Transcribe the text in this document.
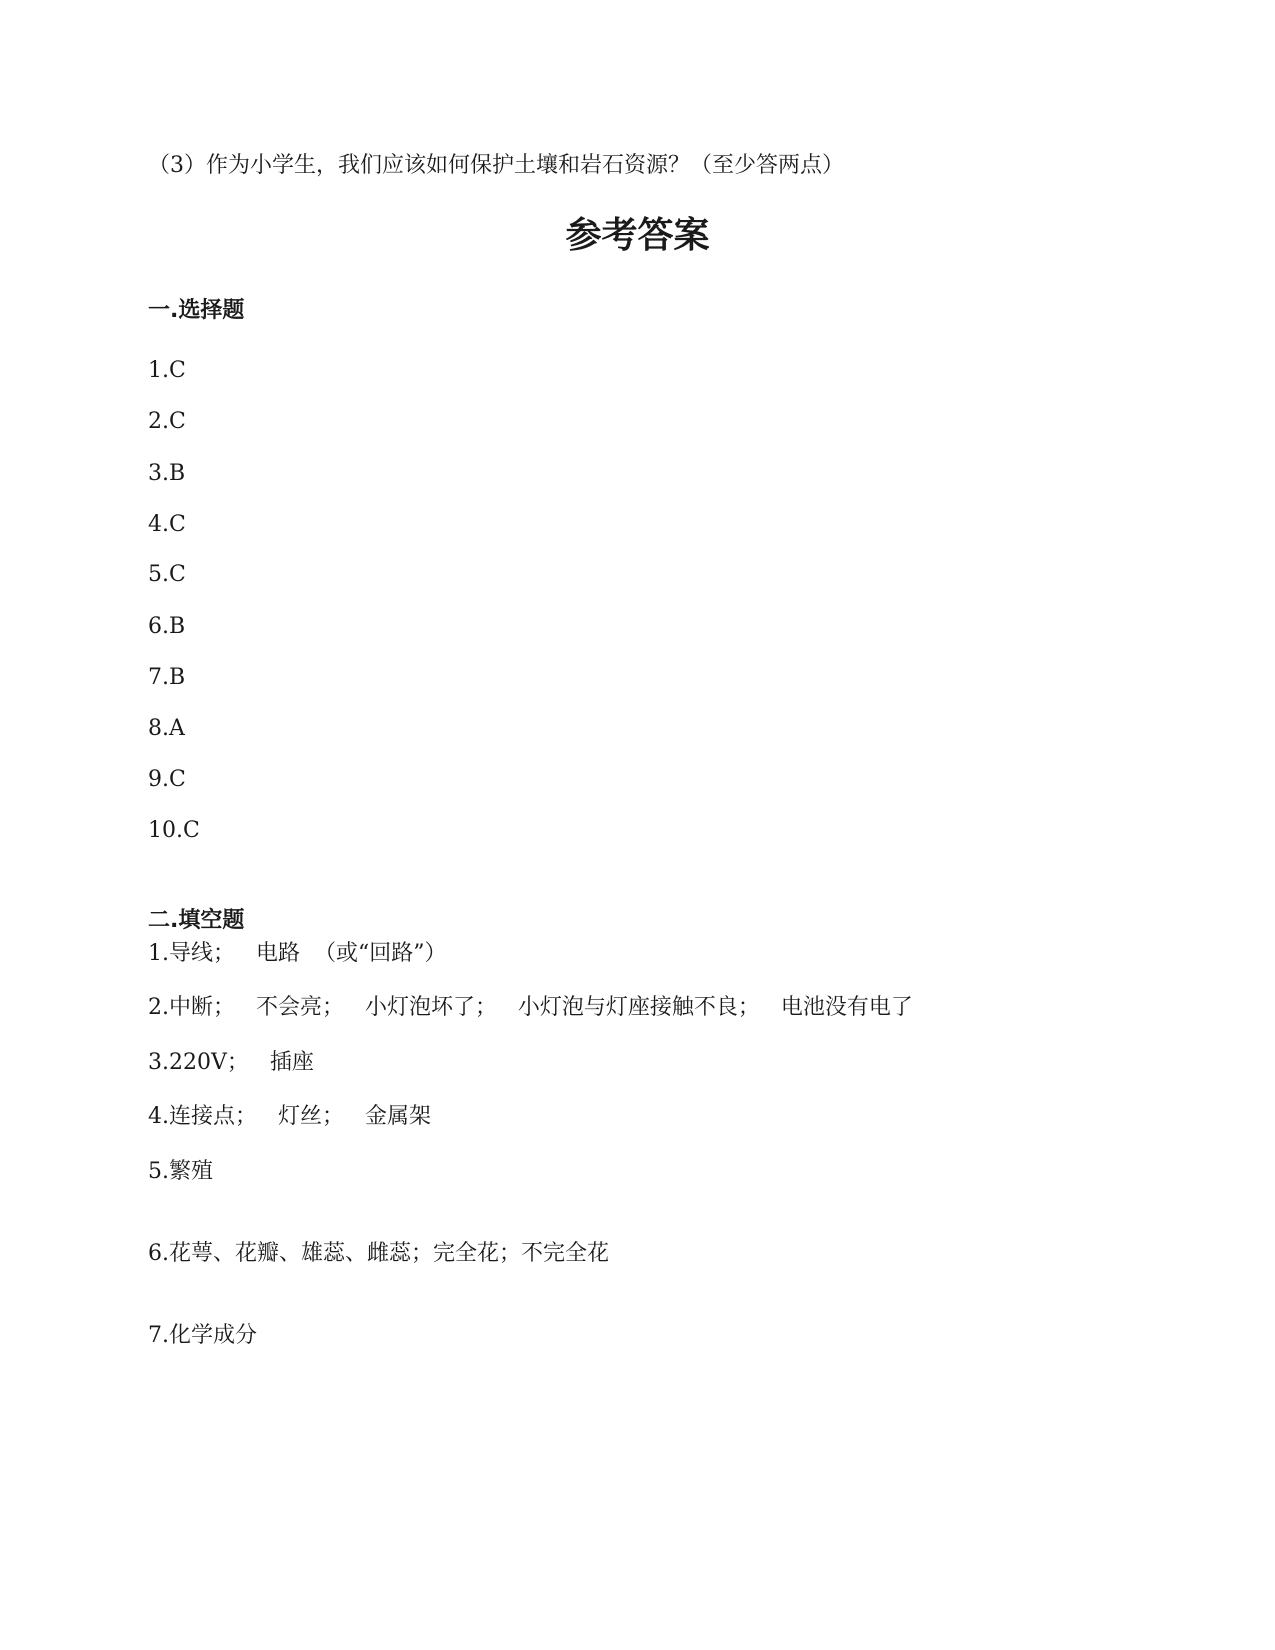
（3）作为小学生，我们应该如何保护土壤和岩石资源？（至少答两点）
参考答案
一.选择题
1.C
2.C
3.B
4.C
5.C
6.B
7.B
8.A
9.C
10.C
二.填空题
1.导线；   电路  （或“回路”）
2.中断；   不会亮；   小灯泡坏了；   小灯泡与灯座接触不良；   电池没有电了
3.220V；   插座
4.连接点；   灯丝；   金属架
5.繁殖
6.花萼、花瓣、雄蕊、雌蕊；完全花；不完全花
7.化学成分
